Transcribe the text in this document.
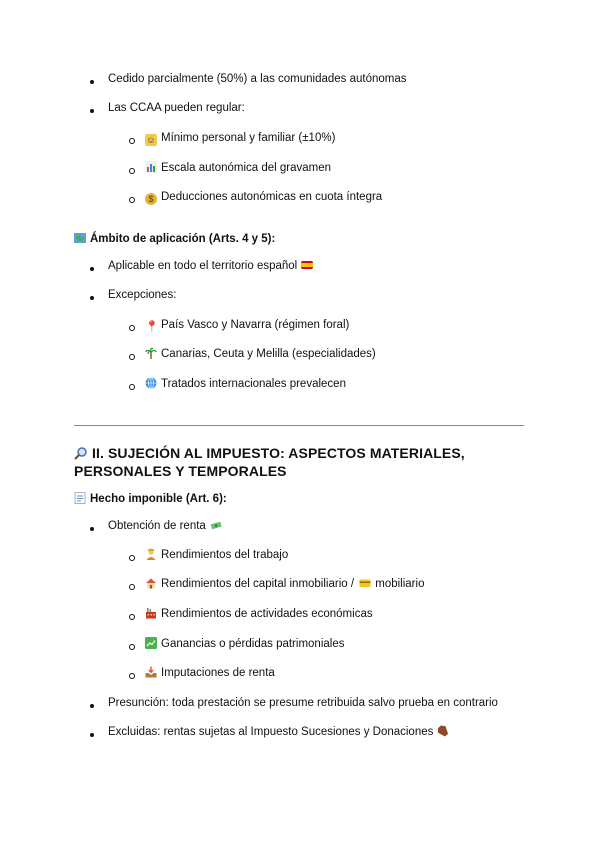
Cedido parcialmente (50%) a las comunidades autónomas
Las CCAA pueden regular:
☺ Mínimo personal y familiar (±10%)
Escala autonómica del gravamen
$ Deducciones autonómicas en cuota íntegra
Ámbito de aplicación (Arts. 4 y 5):
Aplicable en todo el territorio español
Excepciones:
📍 País Vasco y Navarra (régimen foral)
Canarias, Ceuta y Melilla (especialidades)
Tratados internacionales prevalecen
II. SUJECIÓN AL IMPUESTO: ASPECTOS MATERIALES,
PERSONALES Y TEMPORALES
Hecho imponible (Art. 6):
Obtención de renta
Rendimientos del trabajo
Rendimientos del capital inmobiliario / mobiliario
Rendimientos de actividades económicas
Ganancias o pérdidas patrimoniales
Imputaciones de renta
Presunción: toda prestación se presume retribuida salvo prueba en contrario
Excluidas: rentas sujetas al Impuesto Sucesiones y Donaciones
